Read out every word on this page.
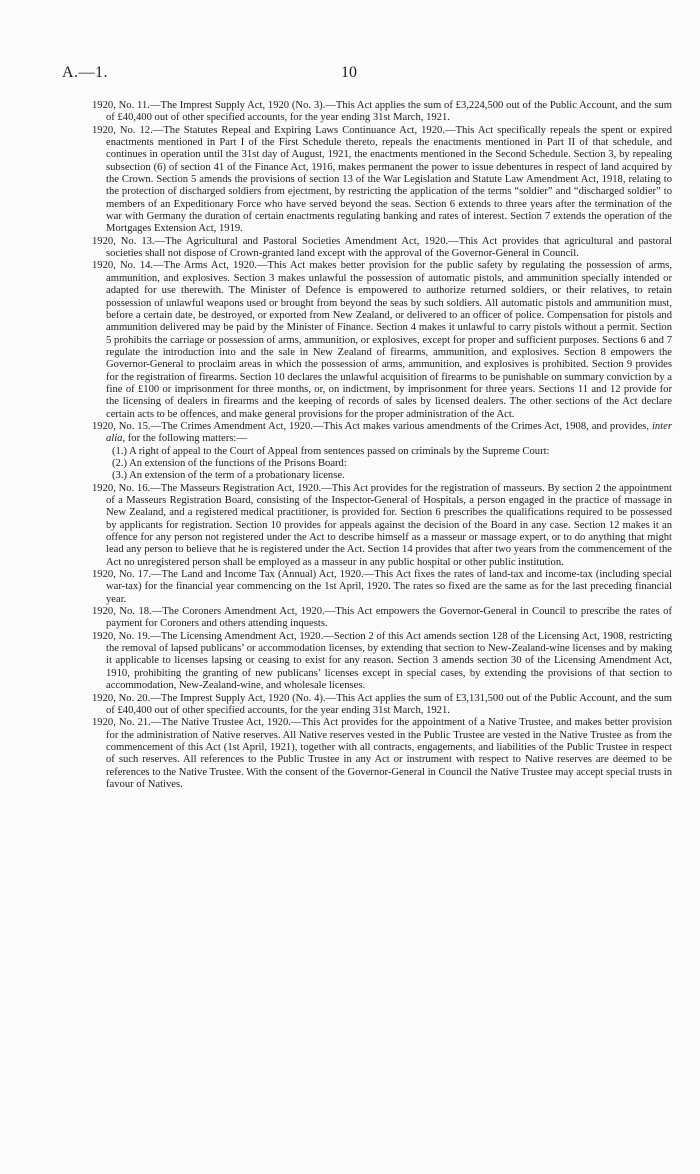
A.—1.	10

1920, No. 11.—The Imprest Supply Act, 1920 (No. 3).—This Act applies the sum of £3,224,500 out of the Public Account, and the sum of £40,400 out of other specified accounts, for the year ending 31st March, 1921.

1920, No. 12.—The Statutes Repeal and Expiring Laws Continuance Act, 1920.—This Act specifically repeals the spent or expired enactments mentioned in Part I of the First Schedule thereto, repeals the enactments mentioned in Part II of that schedule, and continues in operation until the 31st day of August, 1921, the enactments mentioned in the Second Schedule. Section 3, by repealing subsection (6) of section 41 of the Finance Act, 1916, makes permanent the power to issue debentures in respect of land acquired by the Crown. Section 5 amends the provisions of section 13 of the War Legislation and Statute Law Amendment Act, 1918, relating to the protection of discharged soldiers from ejectment, by restricting the application of the terms “soldier” and “discharged soldier” to members of an Expeditionary Force who have served beyond the seas. Section 6 extends to three years after the termination of the war with Germany the duration of certain enactments regulating banking and rates of interest. Section 7 extends the operation of the Mortgages Extension Act, 1919.

1920, No. 13.—The Agricultural and Pastoral Societies Amendment Act, 1920.—This Act provides that agricultural and pastoral societies shall not dispose of Crown-granted land except with the approval of the Governor-General in Council.

1920, No. 14.—The Arms Act, 1920.—This Act makes better provision for the public safety by regulating the possession of arms, ammunition, and explosives. Section 3 makes unlawful the possession of automatic pistols, and ammunition specially intended or adapted for use therewith. The Minister of Defence is empowered to authorize returned soldiers, or their relatives, to retain possession of unlawful weapons used or brought from beyond the seas by such soldiers. All automatic pistols and ammunition must, before a certain date, be destroyed, or exported from New Zealand, or delivered to an officer of police. Compensation for pistols and ammunition delivered may be paid by the Minister of Finance. Section 4 makes it unlawful to carry pistols without a permit. Section 5 prohibits the carriage or possession of arms, ammunition, or explosives, except for proper and sufficient purposes. Sections 6 and 7 regulate the introduction into and the sale in New Zealand of firearms, ammunition, and explosives. Section 8 empowers the Governor-General to proclaim areas in which the possession of arms, ammunition, and explosives is prohibited. Section 9 provides for the registration of firearms. Section 10 declares the unlawful acquisition of firearms to be punishable on summary conviction by a fine of £100 or imprisonment for three months, or, on indictment, by imprisonment for three years. Sections 11 and 12 provide for the licensing of dealers in firearms and the keeping of records of sales by licensed dealers. The other sections of the Act declare certain acts to be offences, and make general provisions for the proper administration of the Act.

1920, No. 15.—The Crimes Amendment Act, 1920.—This Act makes various amendments of the Crimes Act, 1908, and provides, inter alia, for the following matters:—

(1.) A right of appeal to the Court of Appeal from sentences passed on criminals by the Supreme Court:

(2.) An extension of the functions of the Prisons Board:

(3.) An extension of the term of a probationary license.

1920, No. 16.—The Masseurs Registration Act, 1920.—This Act provides for the registration of masseurs. By section 2 the appointment of a Masseurs Registration Board, consisting of the Inspector-General of Hospitals, a person engaged in the practice of massage in New Zealand, and a registered medical practitioner, is provided for. Section 6 prescribes the qualifications required to be possessed by applicants for registration. Section 10 provides for appeals against the decision of the Board in any case. Section 12 makes it an offence for any person not registered under the Act to describe himself as a masseur or massage expert, or to do anything that might lead any person to believe that he is registered under the Act. Section 14 provides that after two years from the commencement of the Act no unregistered person shall be employed as a masseur in any public hospital or other public institution.

1920, No. 17.—The Land and Income Tax (Annual) Act, 1920.—This Act fixes the rates of land-tax and income-tax (including special war-tax) for the financial year commencing on the 1st April, 1920. The rates so fixed are the same as for the last preceding financial year.

1920, No. 18.—The Coroners Amendment Act, 1920.—This Act empowers the Governor-General in Council to prescribe the rates of payment for Coroners and others attending inquests.

1920, No. 19.—The Licensing Amendment Act, 1920.—Section 2 of this Act amends section 128 of the Licensing Act, 1908, restricting the removal of lapsed publicans’ or accommodation licenses, by extending that section to New-Zealand-wine licenses and by making it applicable to licenses lapsing or ceasing to exist for any reason. Section 3 amends section 30 of the Licensing Amendment Act, 1910, prohibiting the granting of new publicans’ licenses except in special cases, by extending the provisions of that section to accommodation, New-Zealand-wine, and wholesale licenses.

1920, No. 20.—The Imprest Supply Act, 1920 (No. 4).—This Act applies the sum of £3,131,500 out of the Public Account, and the sum of £40,400 out of other specified accounts, for the year ending 31st March, 1921.

1920, No. 21.—The Native Trustee Act, 1920.—This Act provides for the appointment of a Native Trustee, and makes better provision for the administration of Native reserves. All Native reserves vested in the Public Trustee are vested in the Native Trustee as from the commencement of this Act (1st April, 1921), together with all contracts, engagements, and liabilities of the Public Trustee in respect of such reserves. All references to the Public Trustee in any Act or instrument with respect to Native reserves are deemed to be references to the Native Trustee. With the consent of the Governor-General in Council the Native Trustee may accept special trusts in favour of Natives.
